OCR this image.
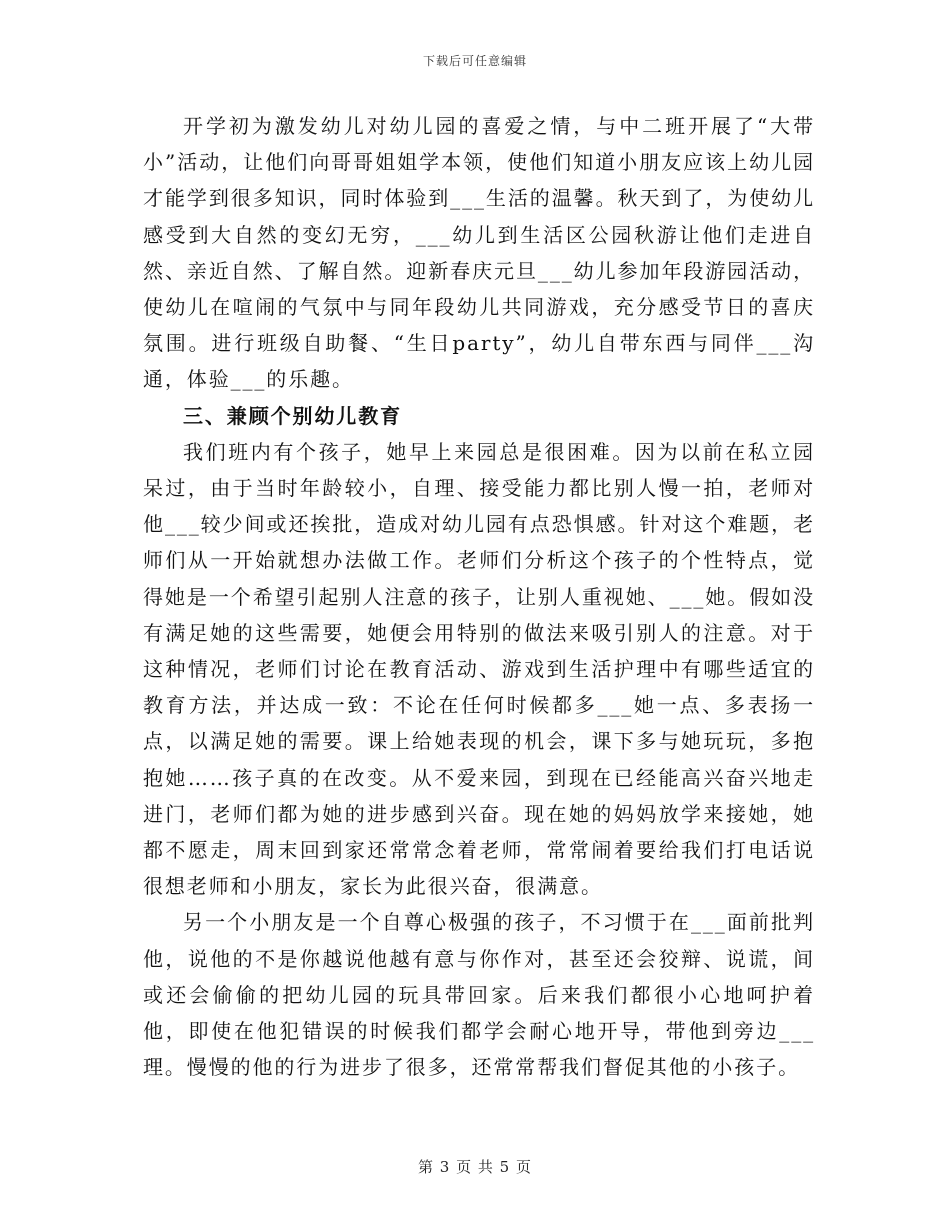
下载后可任意编辑

开学初为激发幼儿对幼儿园的喜爱之情，与中二班开展了“大带小”活动，让他们向哥哥姐姐学本领，使他们知道小朋友应该上幼儿园才能学到很多知识，同时体验到___生活的温馨。秋天到了，为使幼儿感受到大自然的变幻无穷，___幼儿到生活区公园秋游让他们走进自然、亲近自然、了解自然。迎新春庆元旦___幼儿参加年段游园活动，使幼儿在喧闹的气氛中与同年段幼儿共同游戏，充分感受节日的喜庆氛围。进行班级自助餐、“生日party”，幼儿自带东西与同伴___沟通，体验___的乐趣。

三、兼顾个别幼儿教育

我们班内有个孩子，她早上来园总是很困难。因为以前在私立园呆过，由于当时年龄较小，自理、接受能力都比别人慢一拍，老师对他___较少间或还挨批，造成对幼儿园有点恐惧感。针对这个难题，老师们从一开始就想办法做工作。老师们分析这个孩子的个性特点，觉得她是一个希望引起别人注意的孩子，让别人重视她、___她。假如没有满足她的这些需要，她便会用特别的做法来吸引别人的注意。对于这种情况，老师们讨论在教育活动、游戏到生活护理中有哪些适宜的教育方法，并达成一致：不论在任何时候都多___她一点、多表扬一点，以满足她的需要。课上给她表现的机会，课下多与她玩玩，多抱抱她……孩子真的在改变。从不爱来园，到现在已经能高兴奋兴地走进门，老师们都为她的进步感到兴奋。现在她的妈妈放学来接她，她都不愿走，周末回到家还常常念着老师，常常闹着要给我们打电话说很想老师和小朋友，家长为此很兴奋，很满意。

另一个小朋友是一个自尊心极强的孩子，不习惯于在___面前批判他，说他的不是你越说他越有意与你作对，甚至还会狡辩、说谎，间或还会偷偷的把幼儿园的玩具带回家。后来我们都很小心地呵护着他，即使在他犯错误的时候我们都学会耐心地开导，带他到旁边___理。慢慢的他的行为进步了很多，还常常帮我们督促其他的小孩子。

第 3 页 共 5 页
